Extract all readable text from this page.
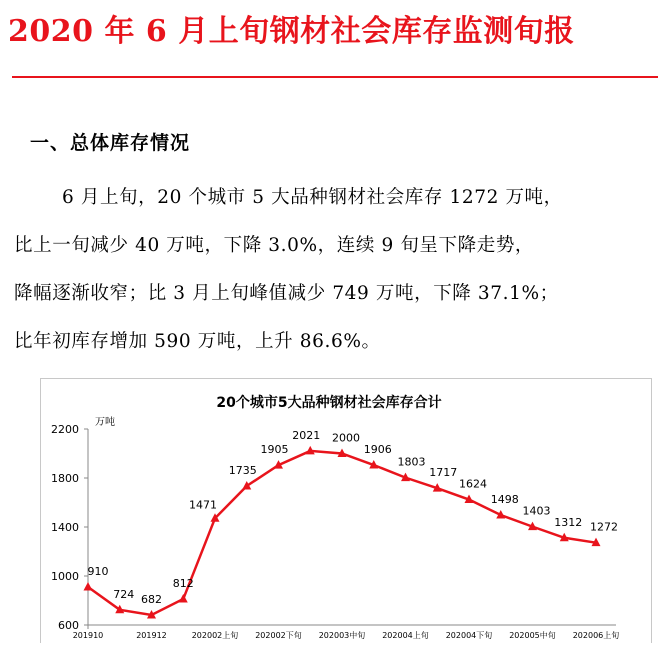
2020 年 6 月上旬钢材社会库存监测旬报
一、总体库存情况
6 月上旬，20 个城市 5 大品种钢材社会库存 1272 万吨，
比上一旬减少 40 万吨，下降 3.0%，连续 9 旬呈下降走势，
降幅逐渐收窄；比 3 月上旬峰值减少 749 万吨，下降 37.1%；
比年初库存增加 590 万吨，上升 86.6%。
20个城市5大品种钢材社会库存合计
万吨
600
1000
1400
1800
2200
201910	201912	202002上旬 202002下旬 202003中旬 202004上旬 202004下旬 202005中旬 202006上旬
910
724 682
812
1471
1735
1905
2021 2000
1906
1803
1717
1624
1498
1403
1312 1272
